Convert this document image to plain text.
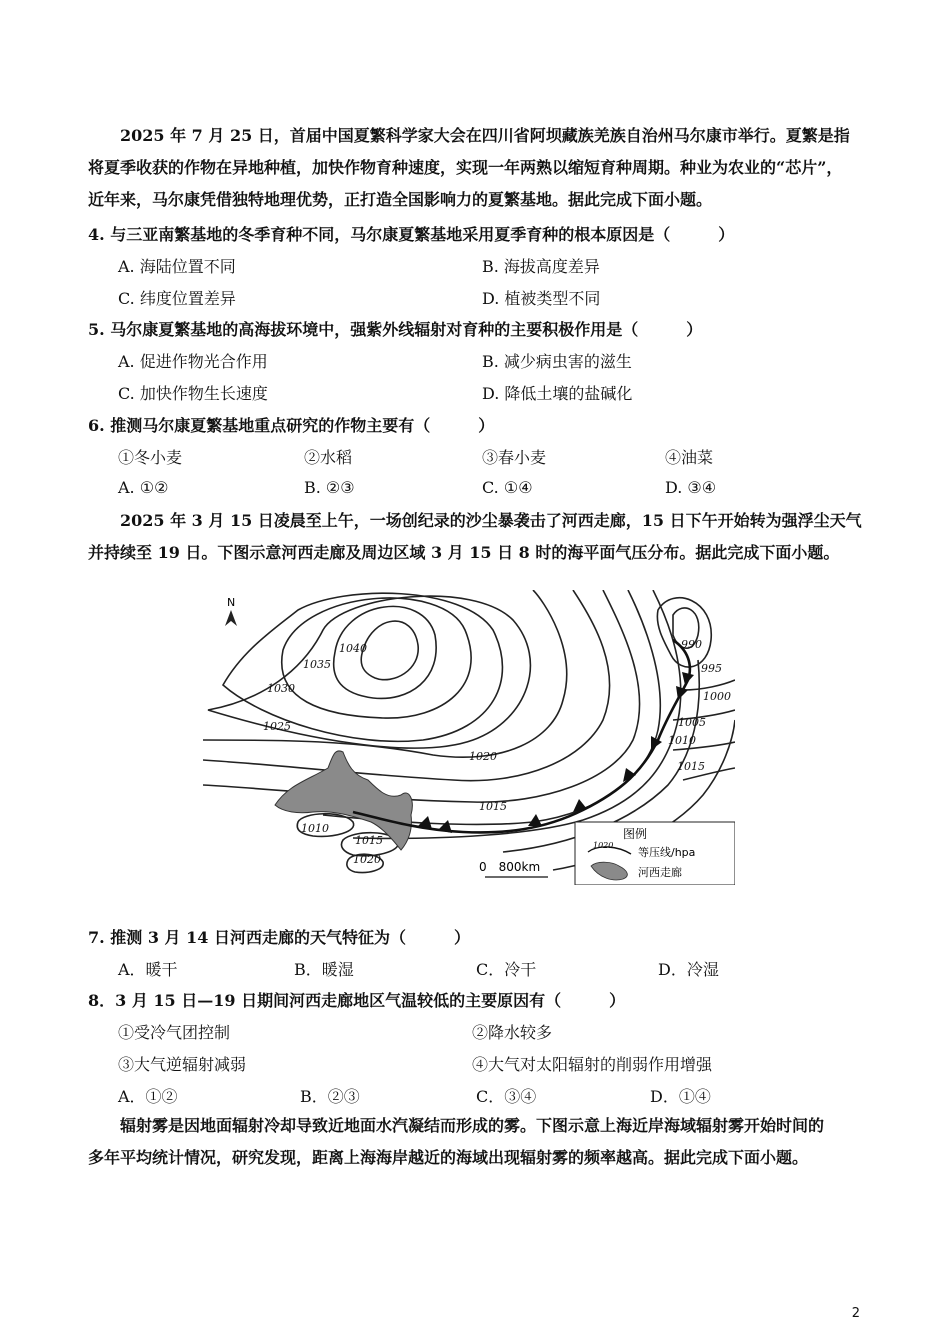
2025 年 7 月 25 日，首届中国夏繁科学家大会在四川省阿坝藏族羌族自治州马尔康市举行。夏繁是指
将夏季收获的作物在异地种植，加快作物育种速度，实现一年两熟以缩短育种周期。种业为农业的“芯片”，
近年来，马尔康凭借独特地理优势，正打造全国影响力的夏繁基地。据此完成下面小题。
4. 与三亚南繁基地的冬季育种不同，马尔康夏繁基地采用夏季育种的根本原因是（　　　）
A. 海陆位置不同	B. 海拔高度差异
C. 纬度位置差异	D. 植被类型不同
5. 马尔康夏繁基地的高海拔环境中，强紫外线辐射对育种的主要积极作用是（　　　）
A. 促进作物光合作用	B. 减少病虫害的滋生
C. 加快作物生长速度	D. 降低土壤的盐碱化
6. 推测马尔康夏繁基地重点研究的作物主要有（　　　）
①冬小麦	②水稻	③春小麦	④油菜
A. ①②	B. ②③	C. ①④	D. ③④
2025 年 3 月 15 日凌晨至上午，一场创纪录的沙尘暴袭击了河西走廊，15 日下午开始转为强浮尘天气
并持续至 19 日。下图示意河西走廊及周边区域 3 月 15 日 8 时的海平面气压分布。据此完成下面小题。
N
1040
1035
1030
1025
1020
1015
1010
1015
1020
990
995
1000
1005
1010
1015
0　800km
图例
1020
等压线/hpa
河西走廊
7. 推测 3 月 14 日河西走廊的天气特征为（　　　）
A．暖干	B．暖湿	C．冷干	D．冷湿
8．3 月 15 日—19 日期间河西走廊地区气温较低的主要原因有（　　　）
①受冷气团控制	②降水较多
③大气逆辐射减弱	④大气对太阳辐射的削弱作用增强
A．①②	B．②③	C．③④	D．①④
辐射雾是因地面辐射冷却导致近地面水汽凝结而形成的雾。下图示意上海近岸海域辐射雾开始时间的
多年平均统计情况，研究发现，距离上海海岸越近的海域出现辐射雾的频率越高。据此完成下面小题。
2
